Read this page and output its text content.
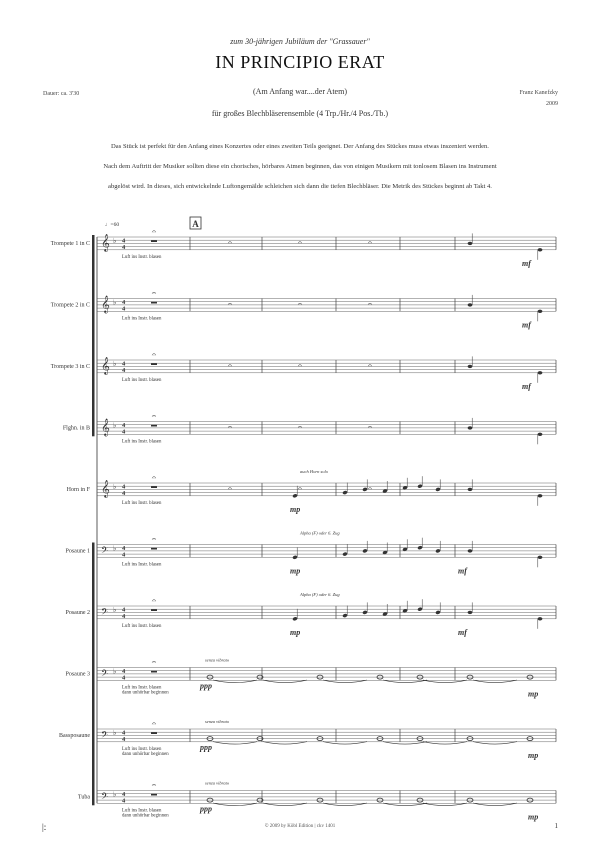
zum 30-jährigen Jubiläum der "Grassauer"
IN PRINCIPIO ERAT
(Am Anfang war....der Atem)
Dauer: ca. 3'30	Franz Kanefzky
2009
für großes Blechbläserensemble (4 Trp./Hr./4 Pos./Tb.)

Das Stück ist perfekt für den Anfang eines Konzertes oder eines zweiten Teils geeignet. Der Anfang des Stückes muss etwas inszeniert werden.

Nach dem Auftritt der Musiker sollten diese ein chorisches, hörbares Atmen beginnen, das von einigen Musikern mit tonlosem Blasen ins Instrument

abgelöst wird. In dieses, sich entwickelnde Luftongemälde schleichen sich dann die tiefen Blechbläser. Die Metrik des Stückes beginnt ab Takt 4.

♩=60	A
Trompete 1 in C 𝄞 ♭ 4
4
𝄐
Luft ins Instr. blasen
𝄐	𝄐	𝄐
mf
Trompete 2 in C 𝄞 ♭ 4
4
𝄐
Luft ins Instr. blasen
𝄐	𝄐	𝄐
mf
Trompete 3 in C 𝄞 ♭ 4
4
𝄐
Luft ins Instr. blasen
𝄐	𝄐	𝄐
mf
Flghn. in B 𝄞 ♭ 4
4
𝄐
Luft ins Instr. blasen
𝄐	𝄐	𝄐
Horn in F 𝄞 ♭ 4
4
𝄐
Luft ins Instr. blasen
𝄐	𝄐	𝄐
auch Horn solo
mp
Posaune 1 𝄢 ♭ 4
4
𝄐
Luft ins Instr. blasen
Alpha (F) oder 6. Zug
mp	mf
Posaune 2 𝄢 ♭ 4
4
𝄐
Luft ins Instr. blasen
Alpha (F) oder 6. Zug
mp	mf
Posaune 3 𝄢 ♭ 4
4
𝄐
Luft ins Instr. blasen
dann unhörbar beginnen
senza vibrato
ppp
mp
Bassposaune 𝄢 ♭ 4
4
𝄐
Luft ins Instr. blasen
dann unhörbar beginnen
senza vibrato
ppp
mp
Tuba 𝄢 ♭ 4
4
𝄐
Luft ins Instr. blasen
dann unhörbar beginnen
senza vibrato
ppp
mp
|:	© 2009 by Köbl Edition | ckv 1401	1
